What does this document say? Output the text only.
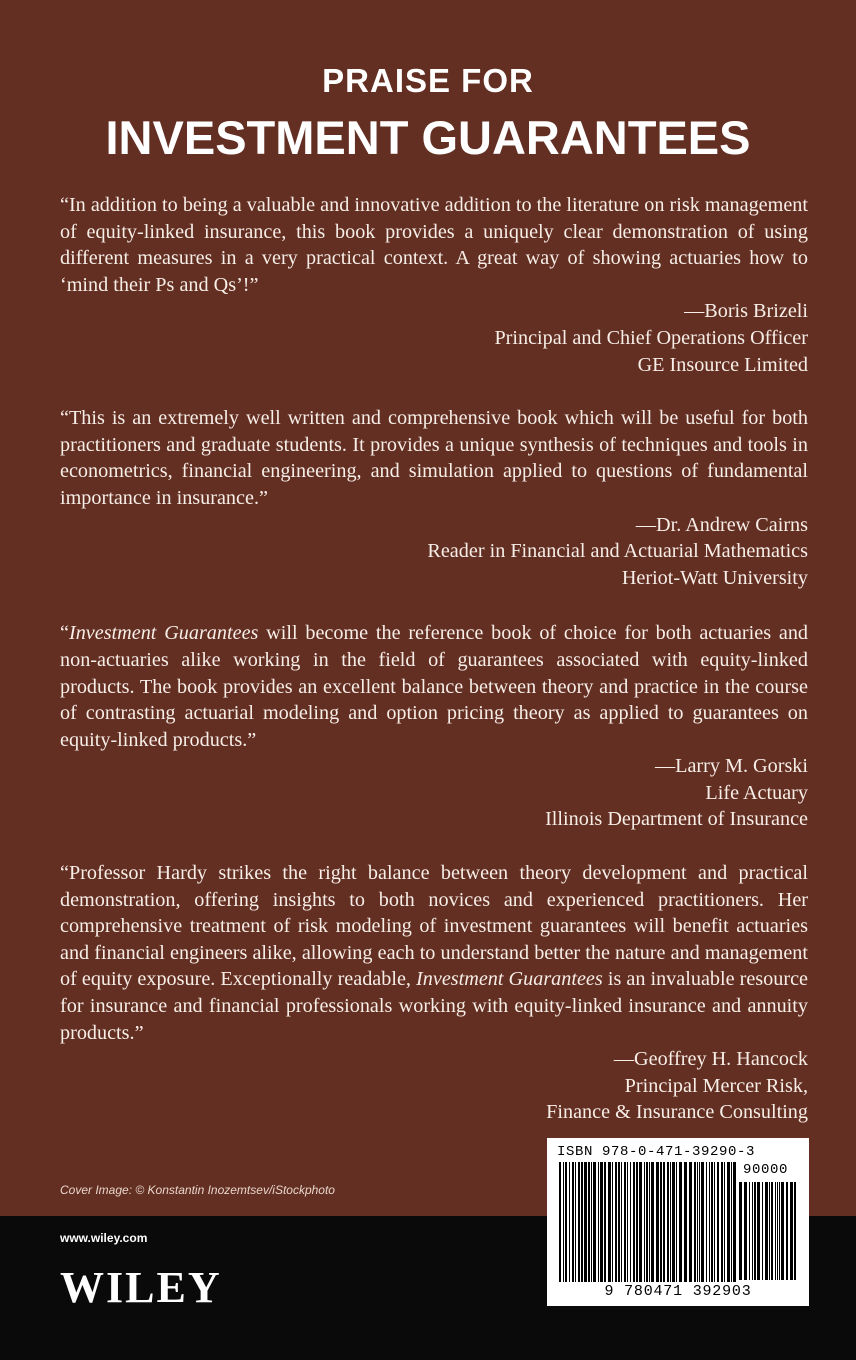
PRAISE FOR
INVESTMENT GUARANTEES

“In addition to being a valuable and innovative addition to the literature on risk management of equity-linked insurance, this book provides a uniquely clear demonstration of using different measures in a very practical context. A great way of showing actuaries how to ‘mind their Ps and Qs’!”

—Boris Brizeli
Principal and Chief Operations Officer
GE Insource Limited

“This is an extremely well written and comprehensive book which will be useful for both practitioners and graduate students. It provides a unique synthesis of techniques and tools in econometrics, financial engineering, and simulation applied to questions of fundamental importance in insurance.”

—Dr. Andrew Cairns
Reader in Financial and Actuarial Mathematics
Heriot-Watt University

“Investment Guarantees will become the reference book of choice for both actuaries and non-actuaries alike working in the field of guarantees associated with equity-linked products. The book provides an excellent balance between theory and practice in the course of contrasting actuarial modeling and option pricing theory as applied to guarantees on equity-linked products.”

—Larry M. Gorski
Life Actuary
Illinois Department of Insurance

“Professor Hardy strikes the right balance between theory development and practical demonstration, offering insights to both novices and experienced practitioners. Her comprehensive treatment of risk modeling of investment guarantees will benefit actuaries and financial engineers alike, allowing each to understand better the nature and management of equity exposure. Exceptionally readable, Investment Guarantees is an invaluable resource for insurance and financial professionals working with equity-linked insurance and annuity products.”

—Geoffrey H. Hancock
Principal Mercer Risk,
Finance & Insurance Consulting
Cover Image: © Konstantin Inozemtsev/iStockphoto
www.wiley.com
WILEY
ISBN 978-0-471-39290-3
90000
9 780471 392903
